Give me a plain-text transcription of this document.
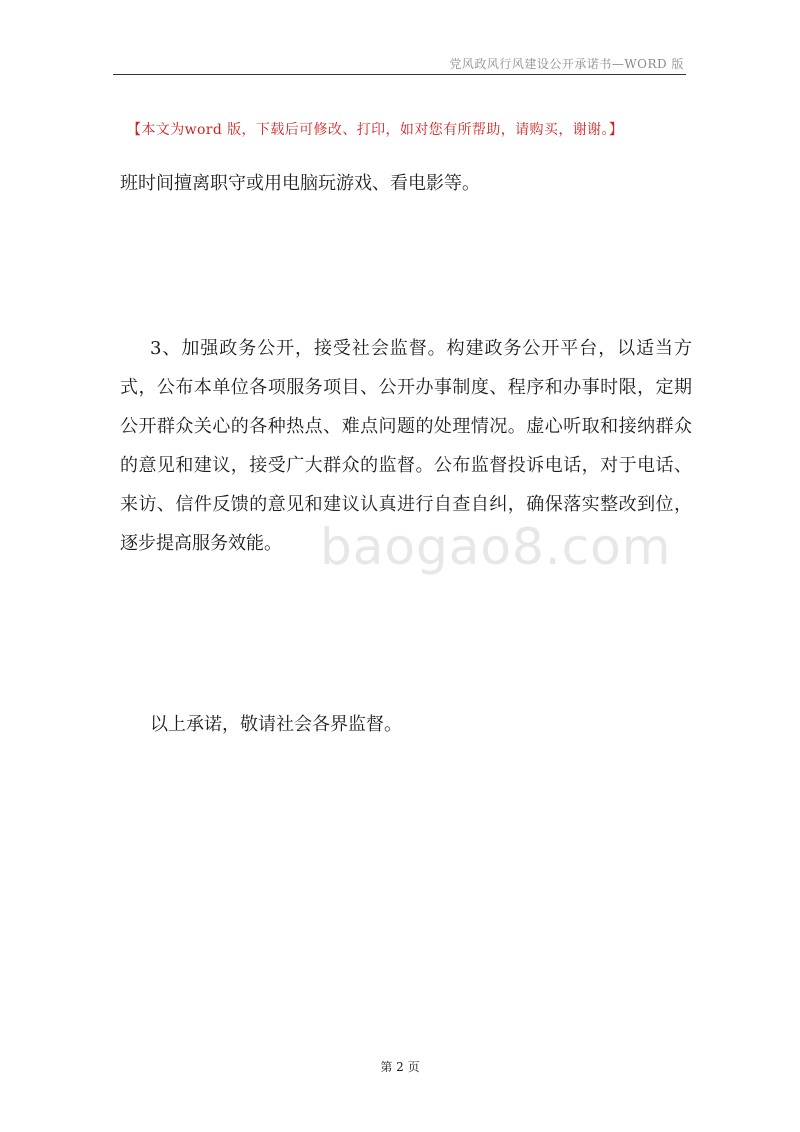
党风政风行风建设公开承诺书—WORD 版
【本文为word 版，下载后可修改、打印，如对您有所帮助，请购买，谢谢。】

班时间擅离职守或用电脑玩游戏、看电影等。

3、加强政务公开，接受社会监督。构建政务公开平台，以适当方式，公布本单位各项服务项目、公开办事制度、程序和办事时限，定期公开群众关心的各种热点、难点问题的处理情况。虚心听取和接纳群众的意见和建议，接受广大群众的监督。公布监督投诉电话，对于电话、来访、信件反馈的意见和建议认真进行自查自纠，确保落实整改到位，逐步提高服务效能。 baogao8.com

以上承诺，敬请社会各界监督。

第 2 页
